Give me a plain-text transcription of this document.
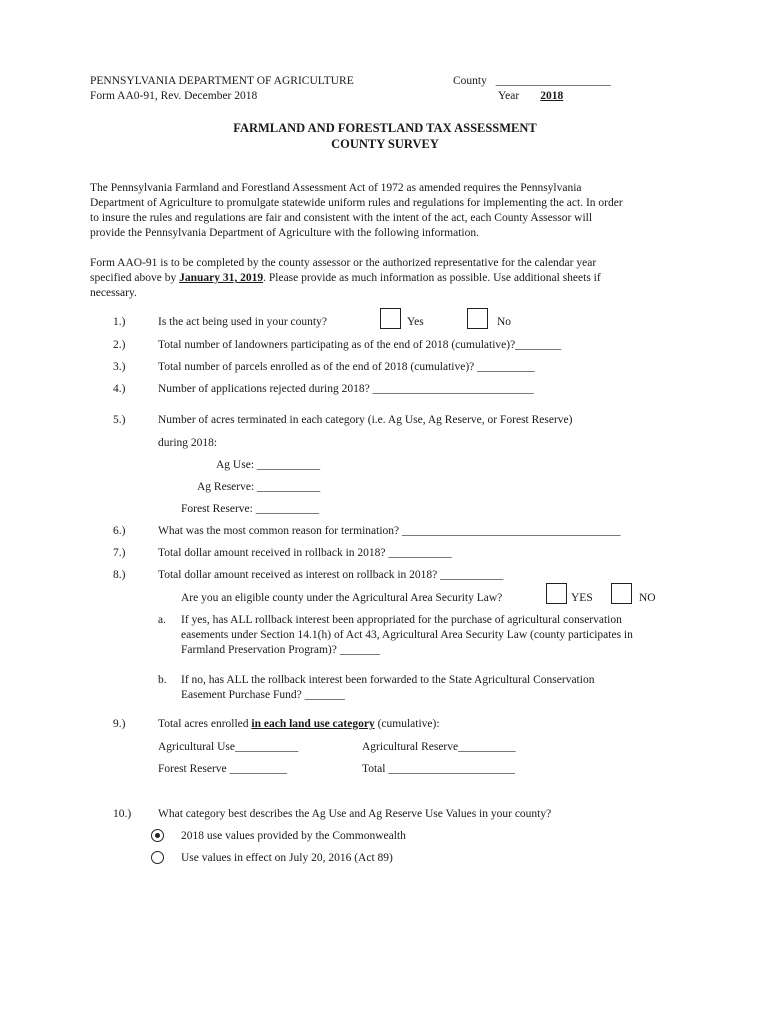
PENNSYLVANIA DEPARTMENT OF AGRICULTURE
Form AA0-91, Rev. December 2018
County ____________________
Year 2018
FARMLAND AND FORESTLAND TAX ASSESSMENT
COUNTY SURVEY
The Pennsylvania Farmland and Forestland Assessment Act of 1972 as amended requires the Pennsylvania
Department of Agriculture to promulgate statewide uniform rules and regulations for implementing the act. In order
to insure the rules and regulations are fair and consistent with the intent of the act, each County Assessor will
provide the Pennsylvania Department of Agriculture with the following information.
Form AAO-91 is to be completed by the county assessor or the authorized representative for the calendar year
specified above by January 31, 2019. Please provide as much information as possible. Use additional sheets if
necessary.
1.)	Is the act being used in your county?	Yes	No
2.)	Total number of landowners participating as of the end of 2018 (cumulative)?________
3.)	Total number of parcels enrolled as of the end of 2018 (cumulative)? __________
4.)	Number of applications rejected during 2018? ____________________________
5.)	Number of acres terminated in each category (i.e. Ag Use, Ag Reserve, or Forest Reserve)
during 2018:
Ag Use: ___________
Ag Reserve: ___________
Forest Reserve: ___________
6.)	What was the most common reason for termination? ______________________________________
7.)	Total dollar amount received in rollback in 2018? ___________
8.)	Total dollar amount received as interest on rollback in 2018? ___________
Are you an eligible county under the Agricultural Area Security Law?	YES	NO
a. If yes, has ALL rollback interest been appropriated for the purchase of agricultural conservation
easements under Section 14.1(h) of Act 43, Agricultural Area Security Law (county participates in
Farmland Preservation Program)? _______
b. If no, has ALL the rollback interest been forwarded to the State Agricultural Conservation
Easement Purchase Fund? _______
9.)	Total acres enrolled in each land use category (cumulative):
Agricultural Use___________	Agricultural Reserve__________
Forest Reserve __________	Total ______________________
10.) What category best describes the Ag Use and Ag Reserve Use Values in your county?
2018 use values provided by the Commonwealth
Use values in effect on July 20, 2016 (Act 89)
